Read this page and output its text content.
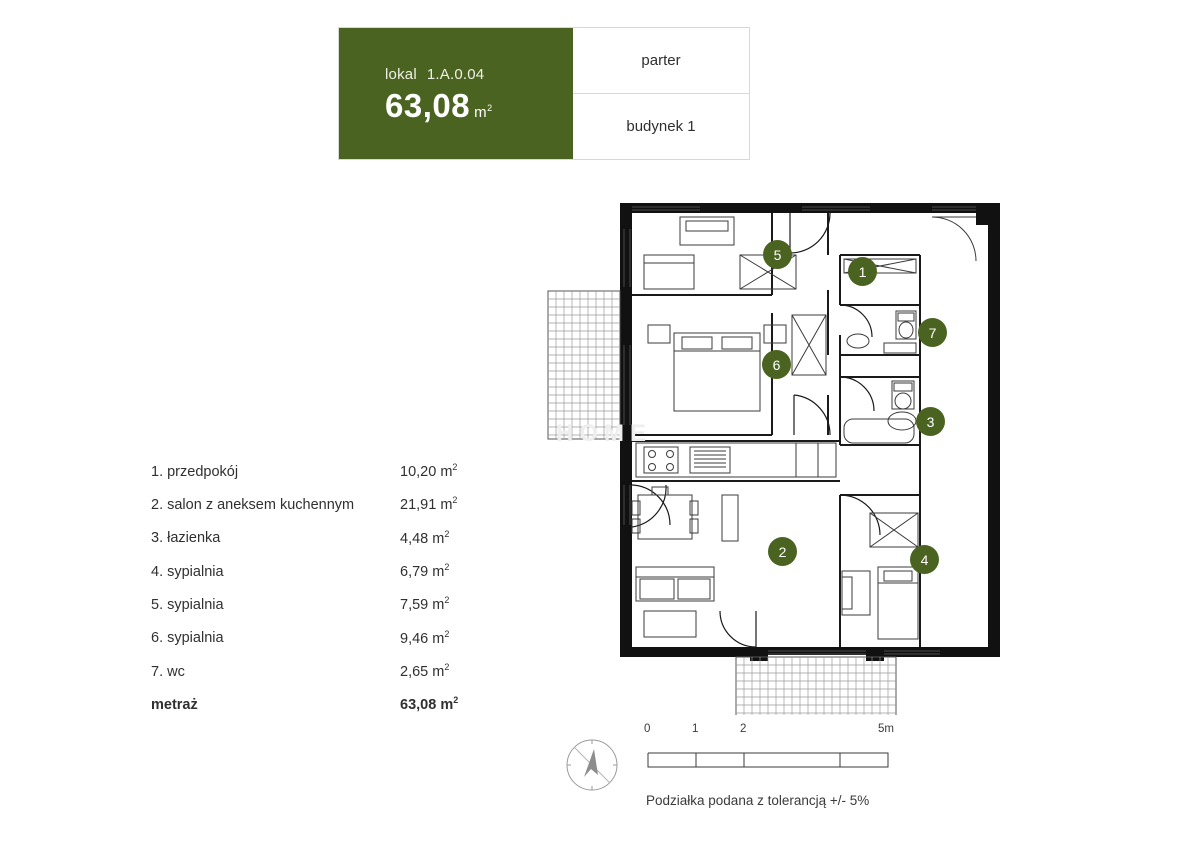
lokal 1.A.0.04
63,08 $m^2$
parter
budynek 1
1. przedpokój	10,20 $m^2$
2. salon z aneksem kuchennym	21,91 $m^2$
3. łazienka	4,48 $m^2$
4. sypialnia	6,79 $m^2$
5. sypialnia	7,59 $m^2$
6. sypialnia	9,46 $m^2$
7. wc	2,65 $m^2$
metraż	63,08 $m^2$
HOME
5
1
7
6
3
2	4
0	1	2	5m
Podziałka podana z tolerancją +/- 5%
